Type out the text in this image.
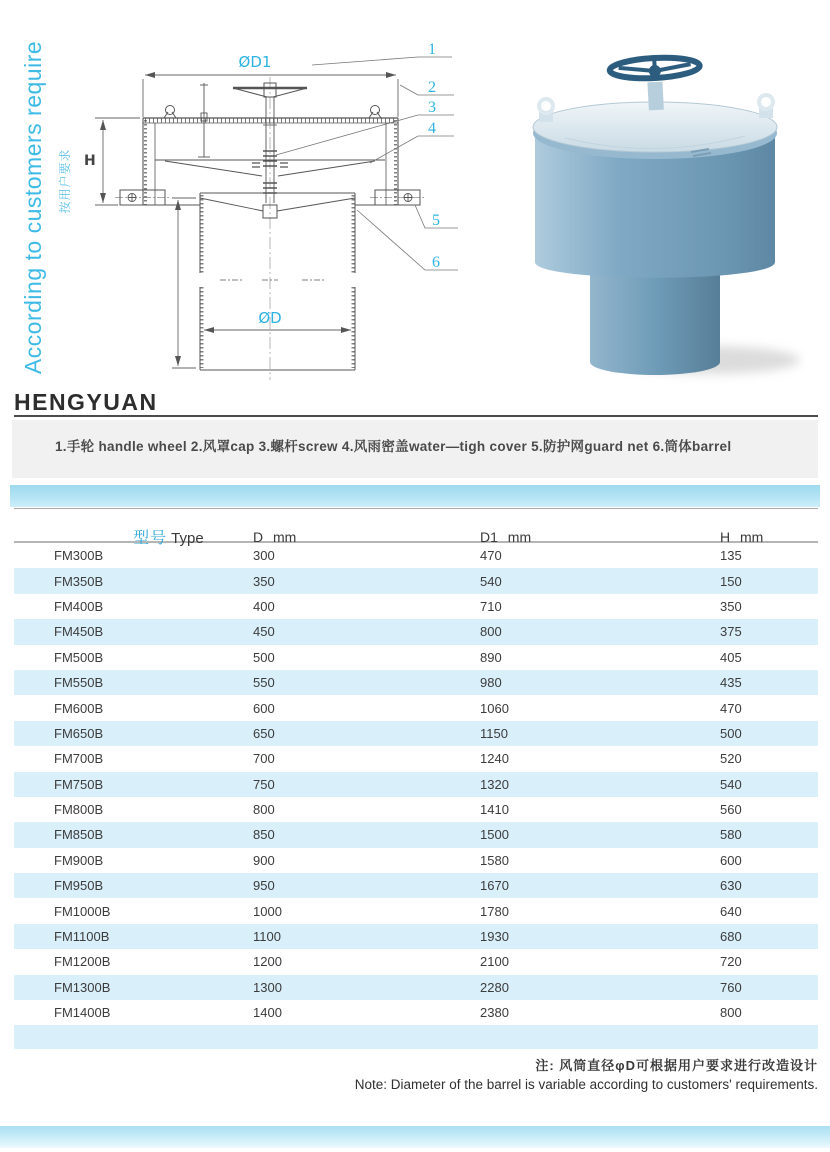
According to customers require	按用户要求
ØD1
ØD
H
1
2
3
4
5
6
HENGYUAN
1.手轮 handle wheel 2.风罩cap 3.螺杆screw 4.风雨密盖water—tigh cover 5.防护网guard net 6.筒体barrel

型号 Type
	D mm	D1 mm	H mm
FM300B	300	470	135
FM350B	350	540	150
FM400B	400	710	350
FM450B	450	800	375
FM500B	500	890	405
FM550B	550	980	435
FM600B	600	1060	470
FM650B	650	1150	500
FM700B	700	1240	520
FM750B	750	1320	540
FM800B	800	1410	560
FM850B	850	1500	580
FM900B	900	1580	600
FM950B	950	1670	630
FM1000B	1000	1780	640
FM1100B	1100	1930	680
FM1200B	1200	2100	720
FM1300B	1300	2280	760
FM1400B	1400	2380	800
注: 风筒直径φD可根据用户要求进行改造设计
Note: Diameter of the barrel is variable according to customers' requirements.
